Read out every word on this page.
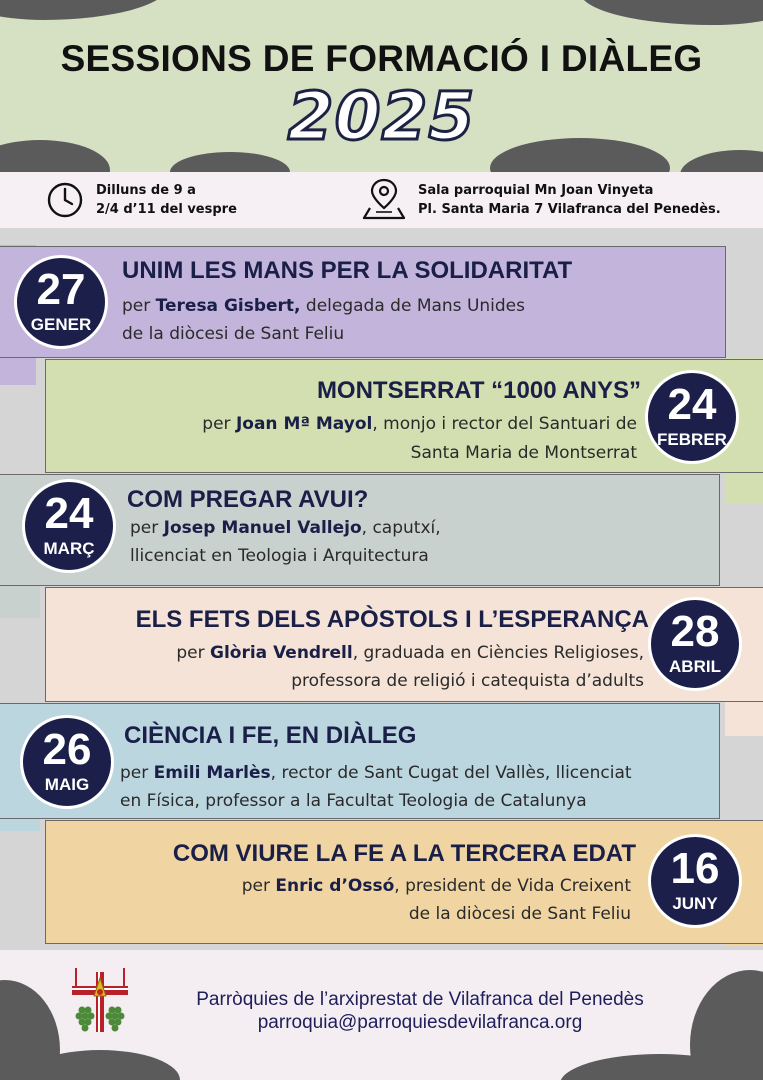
SESSIONS DE FORMACIÓ I DIÀLEG
2025
Dilluns de 9 a
2/4 d’11 del vespre
Sala parroquial Mn Joan Vinyeta
Pl. Santa Maria 7 Vilafranca del Penedès.
UNIM LES MANS PER LA SOLIDARITAT
per Teresa Gisbert, delegada de Mans Unides
de la diòcesi de Sant Feliu
27
GENER
MONTSERRAT “1000 ANYS”
per Joan Mª Mayol, monjo i rector del Santuari de
Santa Maria de Montserrat
24
FEBRER
COM PREGAR AVUI?
per Josep Manuel Vallejo, caputxí,
llicenciat en Teologia i Arquitectura
24
MARÇ
ELS FETS DELS APÒSTOLS I L’ESPERANÇA
per Glòria Vendrell, graduada en Ciències Religioses,
professora de religió i catequista d’adults
28
ABRIL
CIÈNCIA I FE, EN DIÀLEG
per Emili Marlès, rector de Sant Cugat del Vallès, llicenciat
en Física, professor a la Facultat Teologia de Catalunya
26
MAIG
COM VIURE LA FE A LA TERCERA EDAT
per Enric d’Ossó, president de Vida Creixent
de la diòcesi de Sant Feliu
16
JUNY
Parròquies de l’arxiprestat de Vilafranca del Penedès
parroquia@parroquiesdevilafranca.org
